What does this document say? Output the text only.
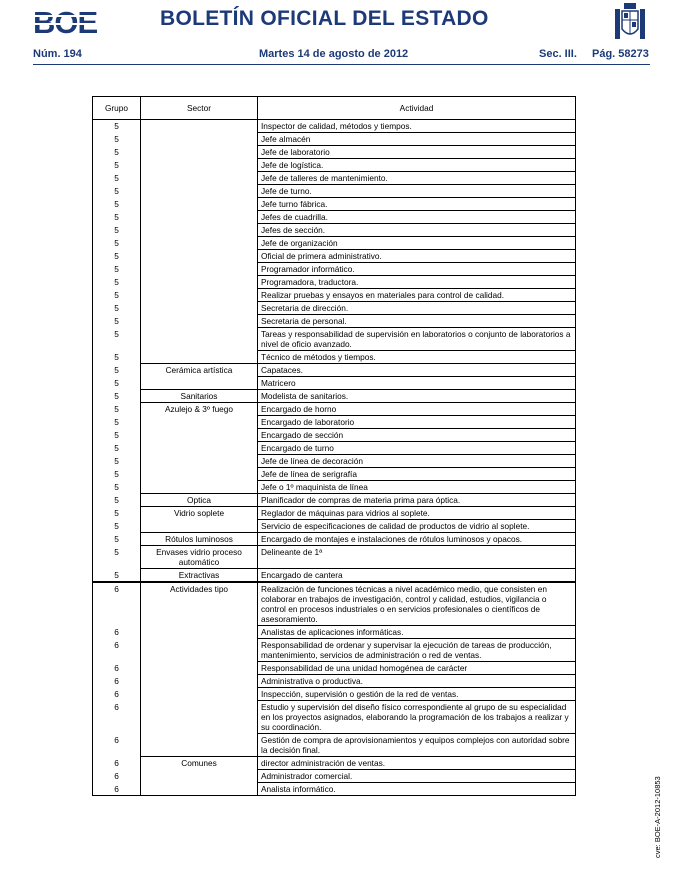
BOE	BOLETÍN OFICIAL DEL ESTADO
Núm. 194	Martes 14 de agosto de 2012	Sec. III. Pág. 58273
Grupo	Sector	Actividad
5		Inspector de calidad, métodos y tiempos.
5		Jefe almacén
5		Jefe de laboratorio
5		Jefe de logística.
5		Jefe de talleres de mantenimiento.
5		Jefe de turno.
5		Jefe turno fábrica.
5		Jefes de cuadrilla.
5		Jefes de sección.
5		Jefe de organización
5		Oficial de primera administrativo.
5		Programador informático.
5		Programadora, traductora.
5		Realizar pruebas y ensayos en materiales para control de calidad.
5		Secretaria de dirección.
5		Secretaria de personal.
5		Tareas y responsabilidad de supervisión en laboratorios o conjunto de laboratorios a nivel de oficio avanzado.
5		Técnico de métodos y tiempos.
5	Cerámica artística	Capataces.
5		Matricero
5	Sanitarios	Modelista de sanitarios.
5	Azulejo & 3º fuego	Encargado de horno
5		Encargado de laboratorio
5		Encargado de sección
5		Encargado de turno
5		Jefe de línea de decoración
5		Jefe de línea de serigrafía
5		Jefe o 1º maquinista de línea
5	Optica	Planificador de compras de materia prima para óptica.
5	Vidrio soplete	Reglador de máquinas para vidrios al soplete.
5		Servicio de especificaciones de calidad de productos de vidrio al soplete.
5	Rótulos luminosos	Encargado de montajes e instalaciones de rótulos luminosos y opacos.
5	Envases vidrio proceso automático	Delineante de 1ª
5	Extractivas	Encargado de cantera
6	Actividades tipo	Realización de funciones técnicas a nivel académico medio, que consisten en colaborar en trabajos de investigación, control y calidad, estudios, vigilancia o control en procesos industriales o en servicios profesionales o científicos de asesoramiento.
6		Analistas de aplicaciones informáticas.
6		Responsabilidad de ordenar y supervisar la ejecución de tareas de producción, mantenimiento, servicios de administración o red de ventas.
6		Responsabilidad de una unidad homogénea de carácter
6		Administrativa o productiva.
6		Inspección, supervisión o gestión de la red de ventas.
6		Estudio y supervisión del diseño físico correspondiente al grupo de su especialidad en los proyectos asignados, elaborando la programación de los trabajos a realizar y su coordinación.
6		Gestión de compra de aprovisionamientos y equipos complejos con autoridad sobre la decisión final.
6	Comunes	director administración de ventas.
6		Administrador comercial.
6		Analista informático.	cve: BOE-A-2012-10853
